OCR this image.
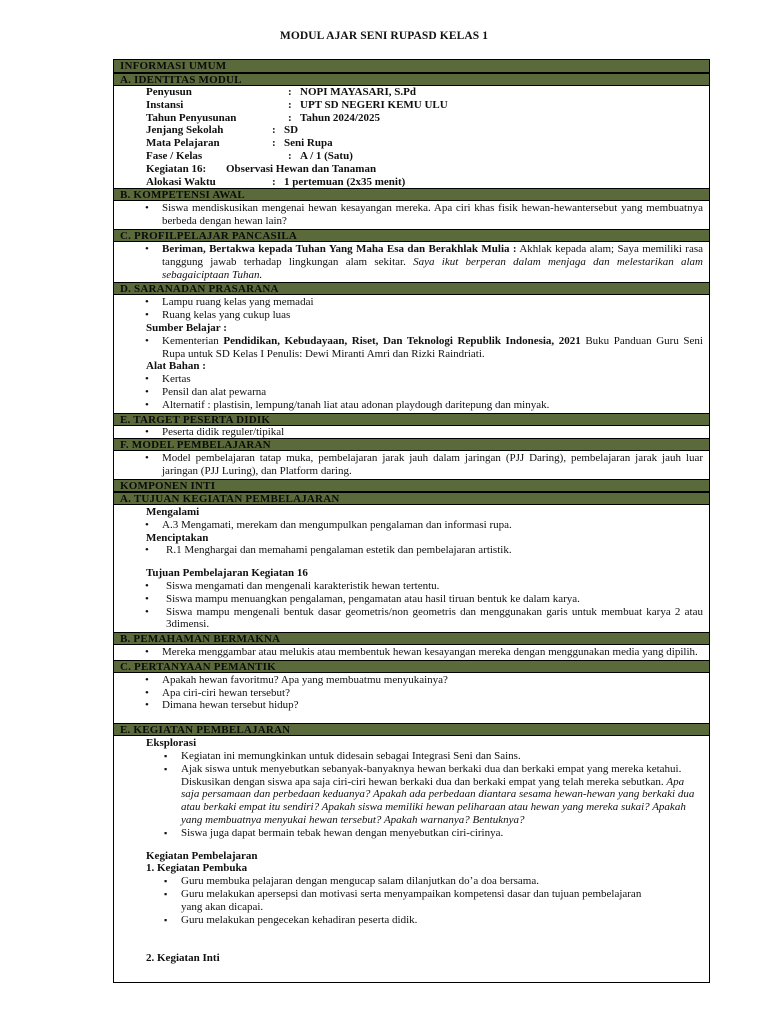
MODUL AJAR SENI RUPASD KELAS 1
INFORMASI UMUM
A. IDENTITAS MODUL
Penyusun	: NOPI MAYASARI, S.Pd
Instansi	: UPT SD NEGERI KEMU ULU
Tahun Penyusunan	: Tahun 2024/2025
Jenjang Sekolah	: SD
Mata Pelajaran	: Seni Rupa
Fase / Kelas	: A / 1 (Satu)
Kegiatan 16:	Observasi Hewan dan Tanaman
Alokasi Waktu	: 1 pertemuan (2x35 menit)
B. KOMPETENSI AWAL
• Siswa mendiskusikan mengenai hewan kesayangan mereka. Apa ciri khas fisik hewan-hewantersebut yang membuatnya berbeda dengan hewan lain?
C. PROFILPELAJAR PANCASILA
• Beriman, Bertakwa kepada Tuhan Yang Maha Esa dan Berakhlak Mulia : Akhlak kepada alam; Saya memiliki rasa tanggung jawab terhadap lingkungan alam sekitar. Saya ikut berperan dalam menjaga dan melestarikan alam sebagaiciptaan Tuhan.
D. SARANADAN PRASARANA
• Lampu ruang kelas yang memadai
• Ruang kelas yang cukup luas
Sumber Belajar :
• Kementerian Pendidikan, Kebudayaan, Riset, Dan Teknologi Republik Indonesia, 2021 Buku Panduan Guru Seni Rupa untuk SD Kelas I Penulis: Dewi Miranti Amri dan Rizki Raindriati.
Alat Bahan :
• Kertas
• Pensil dan alat pewarna
• Alternatif : plastisin, lempung/tanah liat atau adonan playdough daritepung dan minyak.
E. TARGET PESERTA DIDIK
• Peserta didik reguler/tipikal
F. MODEL PEMBELAJARAN
• Model pembelajaran tatap muka, pembelajaran jarak jauh dalam jaringan (PJJ Daring), pembelajaran jarak jauh luar jaringan (PJJ Luring), dan Platform daring.
KOMPONEN INTI
A. TUJUAN KEGIATAN PEMBELAJARAN
Mengalami
• A.3 Mengamati, merekam dan mengumpulkan pengalaman dan informasi rupa.
Menciptakan
• R.1 Menghargai dan memahami pengalaman estetik dan pembelajaran artistik.
Tujuan Pembelajaran Kegiatan 16
• Siswa mengamati dan mengenali karakteristik hewan tertentu.
• Siswa mampu menuangkan pengalaman, pengamatan atau hasil tiruan bentuk ke dalam karya.
• Siswa mampu mengenali bentuk dasar geometris/non geometris dan menggunakan garis untuk membuat karya 2 atau 3dimensi.
B. PEMAHAMAN BERMAKNA
• Mereka menggambar atau melukis atau membentuk hewan kesayangan mereka dengan menggunakan media yang dipilih.
C. PERTANYAAN PEMANTIK
• Apakah hewan favoritmu? Apa yang membuatmu menyukainya?
• Apa ciri-ciri hewan tersebut?
• Dimana hewan tersebut hidup?
E. KEGIATAN PEMBELAJARAN
Eksplorasi
▪ Kegiatan ini memungkinkan untuk didesain sebagai Integrasi Seni dan Sains.
▪ Ajak siswa untuk menyebutkan sebanyak-banyaknya hewan berkaki dua dan berkaki empat yang mereka ketahui. Diskusikan dengan siswa apa saja ciri-ciri hewan berkaki dua dan berkaki empat yang telah mereka sebutkan. Apa saja persamaan dan perbedaan keduanya? Apakah ada perbedaan diantara sesama hewan-hewan yang berkaki dua atau berkaki empat itu sendiri? Apakah siswa memiliki hewan peliharaan atau hewan yang mereka sukai? Apakah yang membuatnya menyukai hewan tersebut? Apakah warnanya? Bentuknya?
▪ Siswa juga dapat bermain tebak hewan dengan menyebutkan ciri-cirinya.
Kegiatan Pembelajaran
1. Kegiatan Pembuka
▪ Guru membuka pelajaran dengan mengucap salam dilanjutkan do’a doa bersama.
▪ Guru melakukan apersepsi dan motivasi serta menyampaikan kompetensi dasar dan tujuan pembelajaran yang akan dicapai.
▪ Guru melakukan pengecekan kehadiran peserta didik.
2. Kegiatan Inti
